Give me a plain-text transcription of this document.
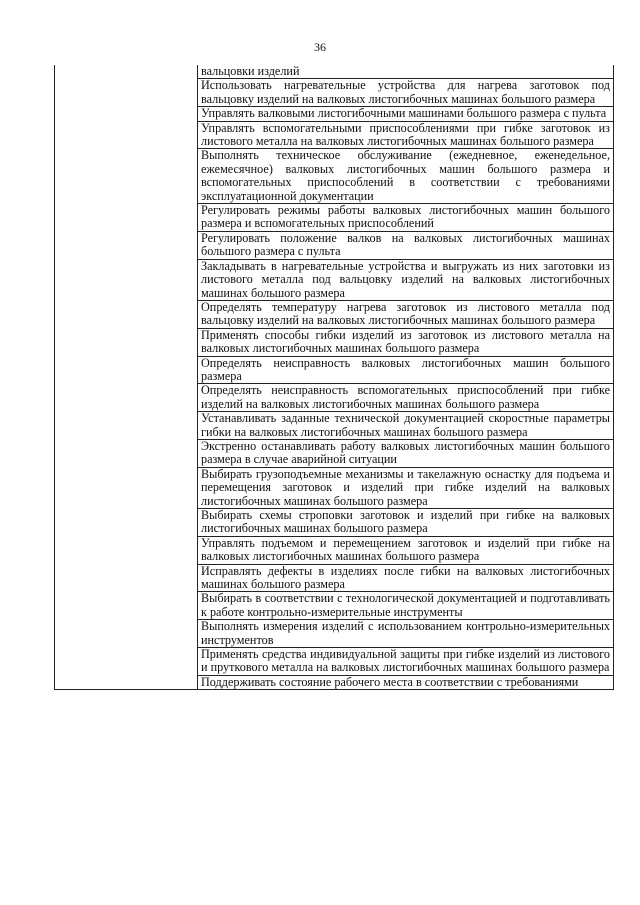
36
	вальцовки изделий
Использовать нагревательные устройства для нагрева заготовок под вальцовку изделий на валковых листогибочных машинах большого размера
Управлять валковыми листогибочными машинами большого размера с пульта
Управлять вспомогательными приспособлениями при гибке заготовок из листового металла на валковых листогибочных машинах большого размера
Выполнять техническое обслуживание (ежедневное, еженедельное, ежемесячное) валковых листогибочных машин большого размера и вспомогательных приспособлений в соответствии с требованиями эксплуатационной документации
Регулировать режимы работы валковых листогибочных машин большого размера и вспомогательных приспособлений
Регулировать положение валков на валковых листогибочных машинах большого размера с пульта
Закладывать в нагревательные устройства и выгружать из них заготовки из листового металла под вальцовку изделий на валковых листогибочных машинах большого размера
Определять температуру нагрева заготовок из листового металла под вальцовку изделий на валковых листогибочных машинах большого размера
Применять способы гибки изделий из заготовок из листового металла на валковых листогибочных машинах большого размера
Определять неисправность валковых листогибочных машин большого размера
Определять неисправность вспомогательных приспособлений при гибке изделий на валковых листогибочных машинах большого размера
Устанавливать заданные технической документацией скоростные параметры гибки на валковых листогибочных машинах большого размера
Экстренно останавливать работу валковых листогибочных машин большого размера в случае аварийной ситуации
Выбирать грузоподъемные механизмы и такелажную оснастку для подъема и перемещения заготовок и изделий при гибке изделий на валковых листогибочных машинах большого размера
Выбирать схемы строповки заготовок и изделий при гибке на валковых листогибочных машинах большого размера
Управлять подъемом и перемещением заготовок и изделий при гибке на валковых листогибочных машинах большого размера
Исправлять дефекты в изделиях после гибки на валковых листогибочных машинах большого размера
Выбирать в соответствии с технологической документацией и подготавливать к работе контрольно-измерительные инструменты
Выполнять измерения изделий с использованием контрольно-измерительных инструментов
Применять средства индивидуальной защиты при гибке изделий из листового и пруткового металла на валковых листогибочных машинах большого размера
Поддерживать состояние рабочего места в соответствии с требованиями
